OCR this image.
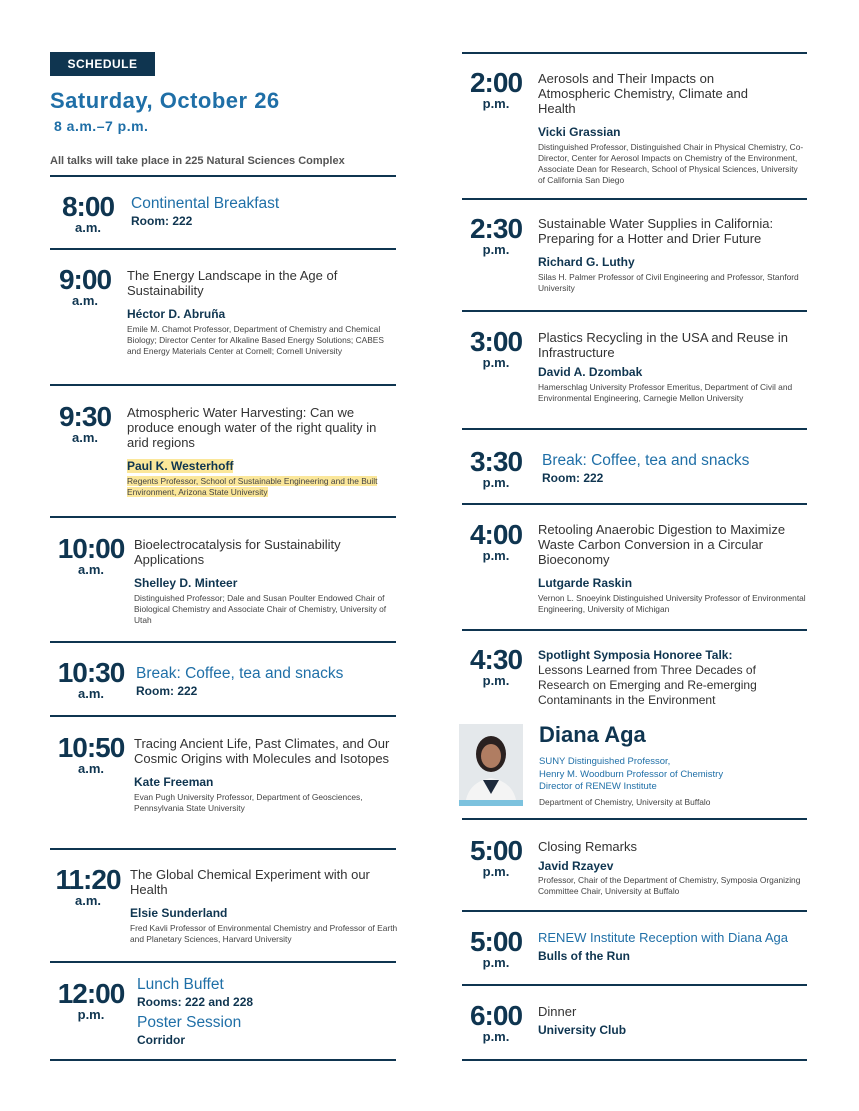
SCHEDULE
Saturday, October 26
8 a.m.–7 p.m.
All talks will take place in 225 Natural Sciences Complex
8:00
a.m.
Continental Breakfast
Room: 222
9:00
a.m.
The Energy Landscape in the Age of Sustainability
Héctor D. Abruña
Emile M. Chamot Professor, Department of Chemistry and Chemical Biology; Director Center for Alkaline Based Energy Solutions; CABES and Energy Materials Center at Cornell; Cornell University
9:30
a.m.
Atmospheric Water Harvesting: Can we produce enough water of the right quality in arid regions
Paul K. Westerhoff
Regents Professor, School of Sustainable Engineering and the Built Environment, Arizona State University
10:00
a.m.
Bioelectrocatalysis for Sustainability Applications
Shelley D. Minteer
Distinguished Professor; Dale and Susan Poulter Endowed Chair of Biological Chemistry and Associate Chair of Chemistry, University of Utah
10:30
a.m.
Break: Coffee, tea and snacks
Room: 222
10:50
a.m.
Tracing Ancient Life, Past Climates, and Our Cosmic Origins with Molecules and Isotopes
Kate Freeman
Evan Pugh University Professor, Department of Geosciences, Pennsylvania State University
11:20
a.m.
The Global Chemical Experiment with our Health
Elsie Sunderland
Fred Kavli Professor of Environmental Chemistry and Professor of Earth and Planetary Sciences, Harvard University
12:00
p.m.
Lunch Buffet
Rooms: 222 and 228
Poster Session
Corridor
2:00
p.m.
Aerosols and Their Impacts on Atmospheric Chemistry, Climate and Health
Vicki Grassian
Distinguished Professor, Distinguished Chair in Physical Chemistry, Co-Director, Center for Aerosol Impacts on Chemistry of the Environment, Associate Dean for Research, School of Physical Sciences, University of California San Diego
2:30
p.m.
Sustainable Water Supplies in California: Preparing for a Hotter and Drier Future
Richard G. Luthy
Silas H. Palmer Professor of Civil Engineering and Professor, Stanford University
3:00
p.m.
Plastics Recycling in the USA and Reuse in Infrastructure
David A. Dzombak
Hamerschlag University Professor Emeritus, Department of Civil and Environmental Engineering, Carnegie Mellon University
3:30
p.m.
Break: Coffee, tea and snacks
Room: 222
4:00
p.m.
Retooling Anaerobic Digestion to Maximize Waste Carbon Conversion in a Circular Bioeconomy
Lutgarde Raskin
Vernon L. Snoeyink Distinguished University Professor of Environmental Engineering, University of Michigan
4:30
p.m.
Spotlight Symposia Honoree Talk:
Lessons Learned from Three Decades of Research on Emerging and Re-emerging Contaminants in the Environment
Diana Aga
SUNY Distinguished Professor,
Henry M. Woodburn Professor of Chemistry
Director of RENEW Institute
Department of Chemistry, University at Buffalo
5:00
p.m.
Closing Remarks
Javid Rzayev
Professor, Chair of the Department of Chemistry, Symposia Organizing Committee Chair, University at Buffalo
5:00
p.m.
RENEW Institute Reception with Diana Aga
Bulls of the Run
6:00
p.m.
Dinner
University Club
